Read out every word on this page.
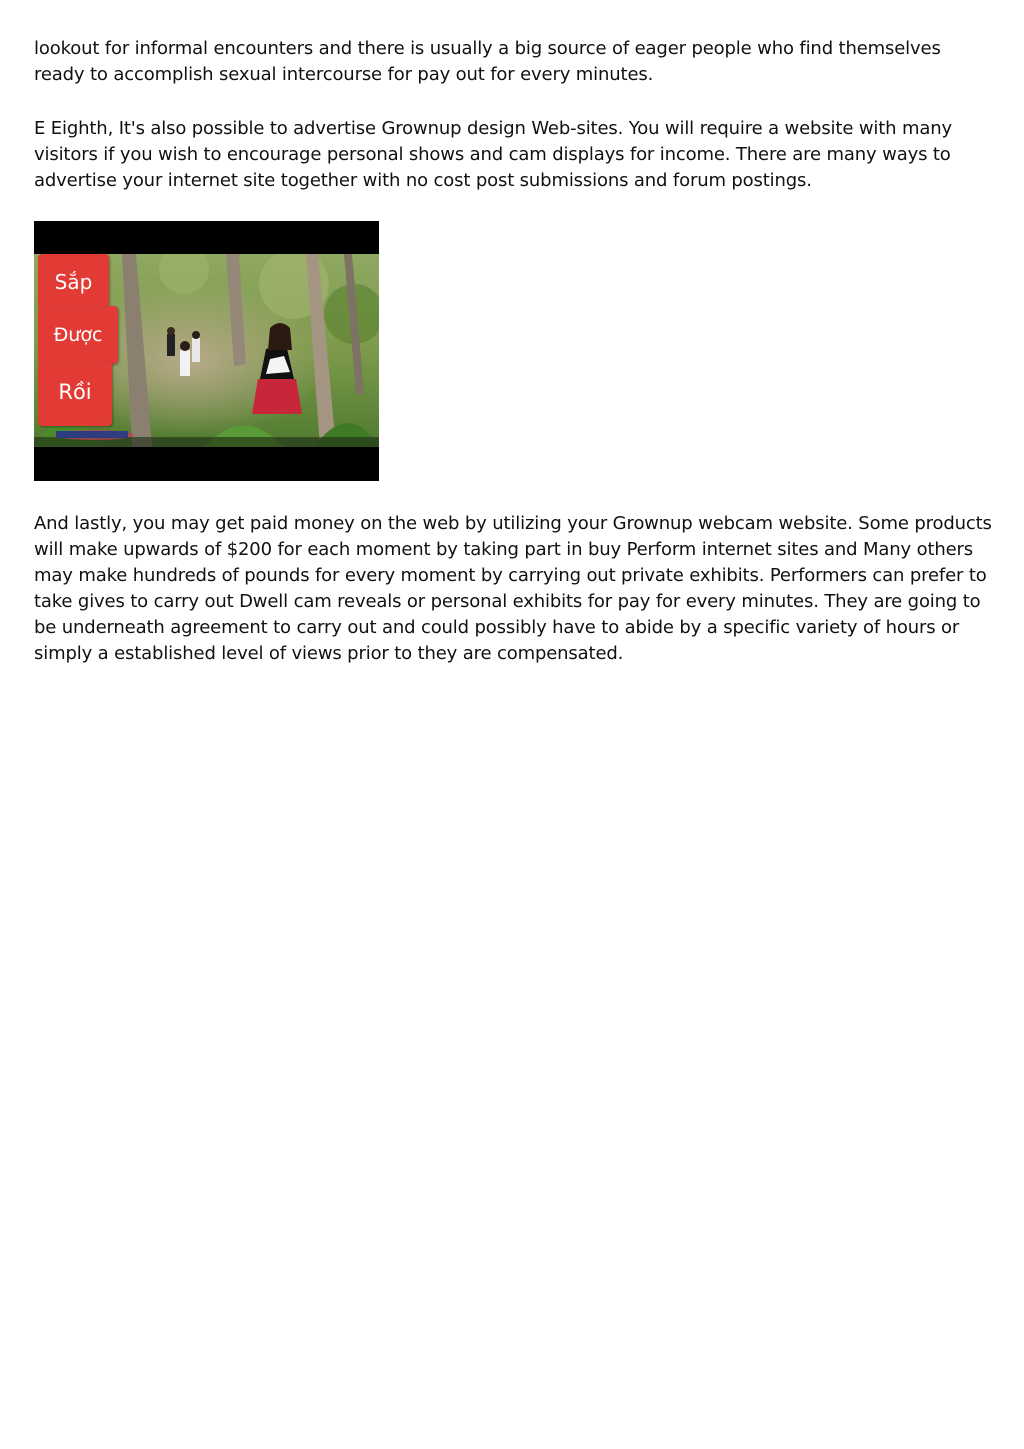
lookout for informal encounters and there is usually a big source of eager people who find themselves ready to accomplish sexual intercourse for pay out for every minutes.

E Eighth, It's also possible to advertise Grownup design Web-sites. You will require a website with many visitors if you wish to encourage personal shows and cam displays for income. There are many ways to advertise your internet site together with no cost post submissions and forum postings.

Sắp
Được
Rồi

And lastly, you may get paid money on the web by utilizing your Grownup webcam website. Some products will make upwards of $200 for each moment by taking part in buy Perform internet sites and Many others may make hundreds of pounds for every moment by carrying out private exhibits. Performers can prefer to take gives to carry out Dwell cam reveals or personal exhibits for pay for every minutes. They are going to be underneath agreement to carry out and could possibly have to abide by a specific variety of hours or simply a established level of views prior to they are compensated.
